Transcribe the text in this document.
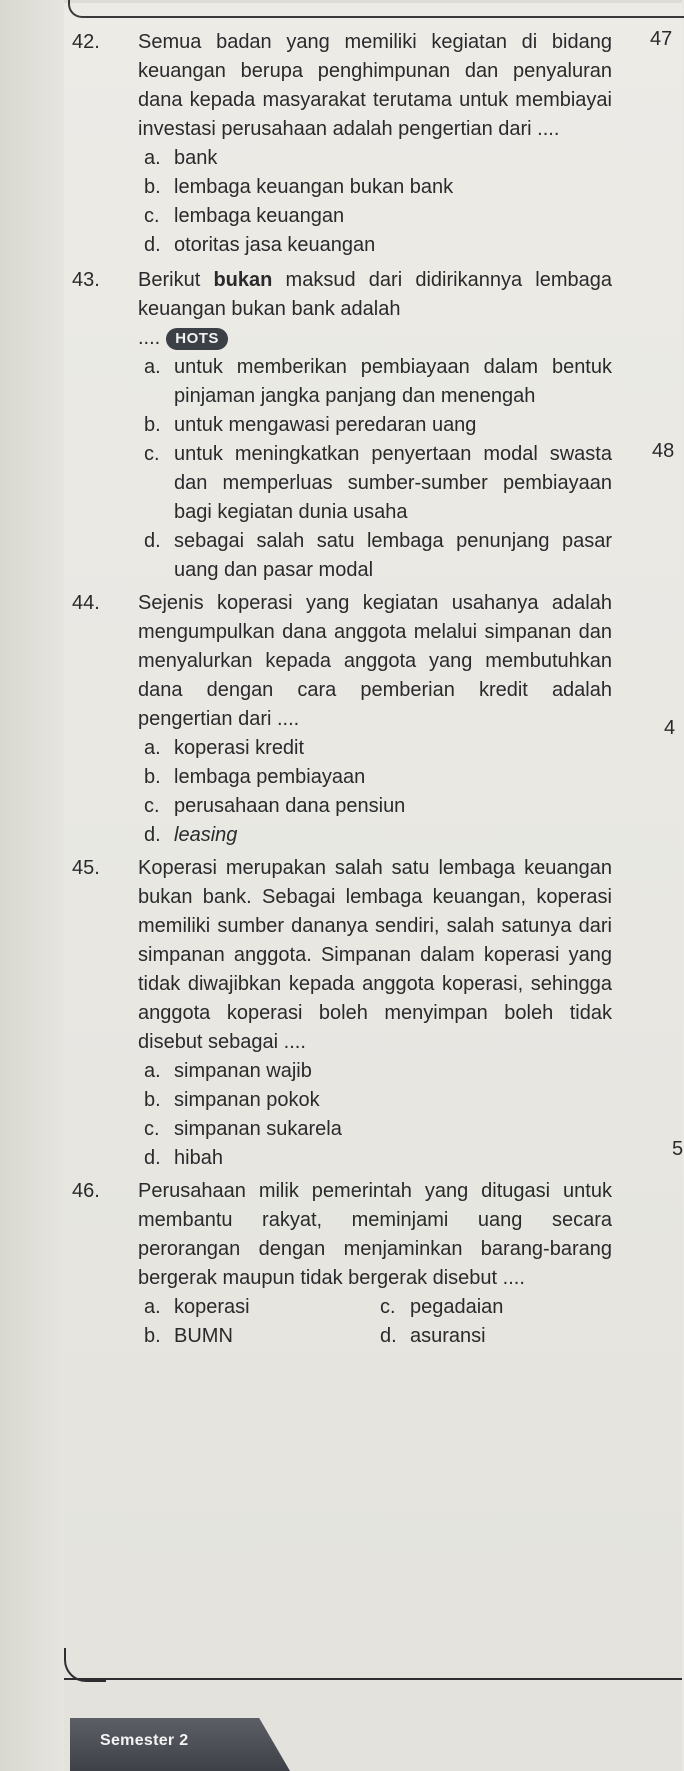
47
48
4
5
42. Semua badan yang memiliki kegiatan di bidang keuangan berupa penghimpunan dan penyaluran dana kepada masyarakat terutama untuk membiayai investasi perusahaan adalah pengertian dari ....
a. bank
b. lembaga keuangan bukan bank
c. lembaga keuangan
d. otoritas jasa keuangan
43. Berikut bukan maksud dari didirikannya lembaga keuangan bukan bank adalah
....	HOTS
a. untuk memberikan pembiayaan dalam bentuk pinjaman jangka panjang dan menengah
b. untuk mengawasi peredaran uang
c. untuk meningkatkan penyertaan modal swasta dan memperluas sumber-sumber pembiayaan bagi kegiatan dunia usaha
d. sebagai salah satu lembaga penunjang pasar uang dan pasar modal
44. Sejenis koperasi yang kegiatan usahanya adalah mengumpulkan dana anggota melalui simpanan dan menyalurkan kepada anggota yang membutuhkan dana dengan cara pemberian kredit adalah pengertian dari ....
a. koperasi kredit
b. lembaga pembiayaan
c. perusahaan dana pensiun
d. leasing
45. Koperasi merupakan salah satu lembaga keuangan bukan bank. Sebagai lembaga keuangan, koperasi memiliki sumber dananya sendiri, salah satunya dari simpanan anggota. Simpanan dalam koperasi yang tidak diwajibkan kepada anggota koperasi, sehingga anggota koperasi boleh menyimpan boleh tidak disebut sebagai ....
a. simpanan wajib
b. simpanan pokok
c. simpanan sukarela
d. hibah
46. Perusahaan milik pemerintah yang ditugasi untuk membantu rakyat, meminjami uang secara perorangan dengan menjaminkan barang-barang bergerak maupun tidak bergerak disebut ....
a. koperasi	c. pegadaian
b. BUMN	d. asuransi
Semester 2
